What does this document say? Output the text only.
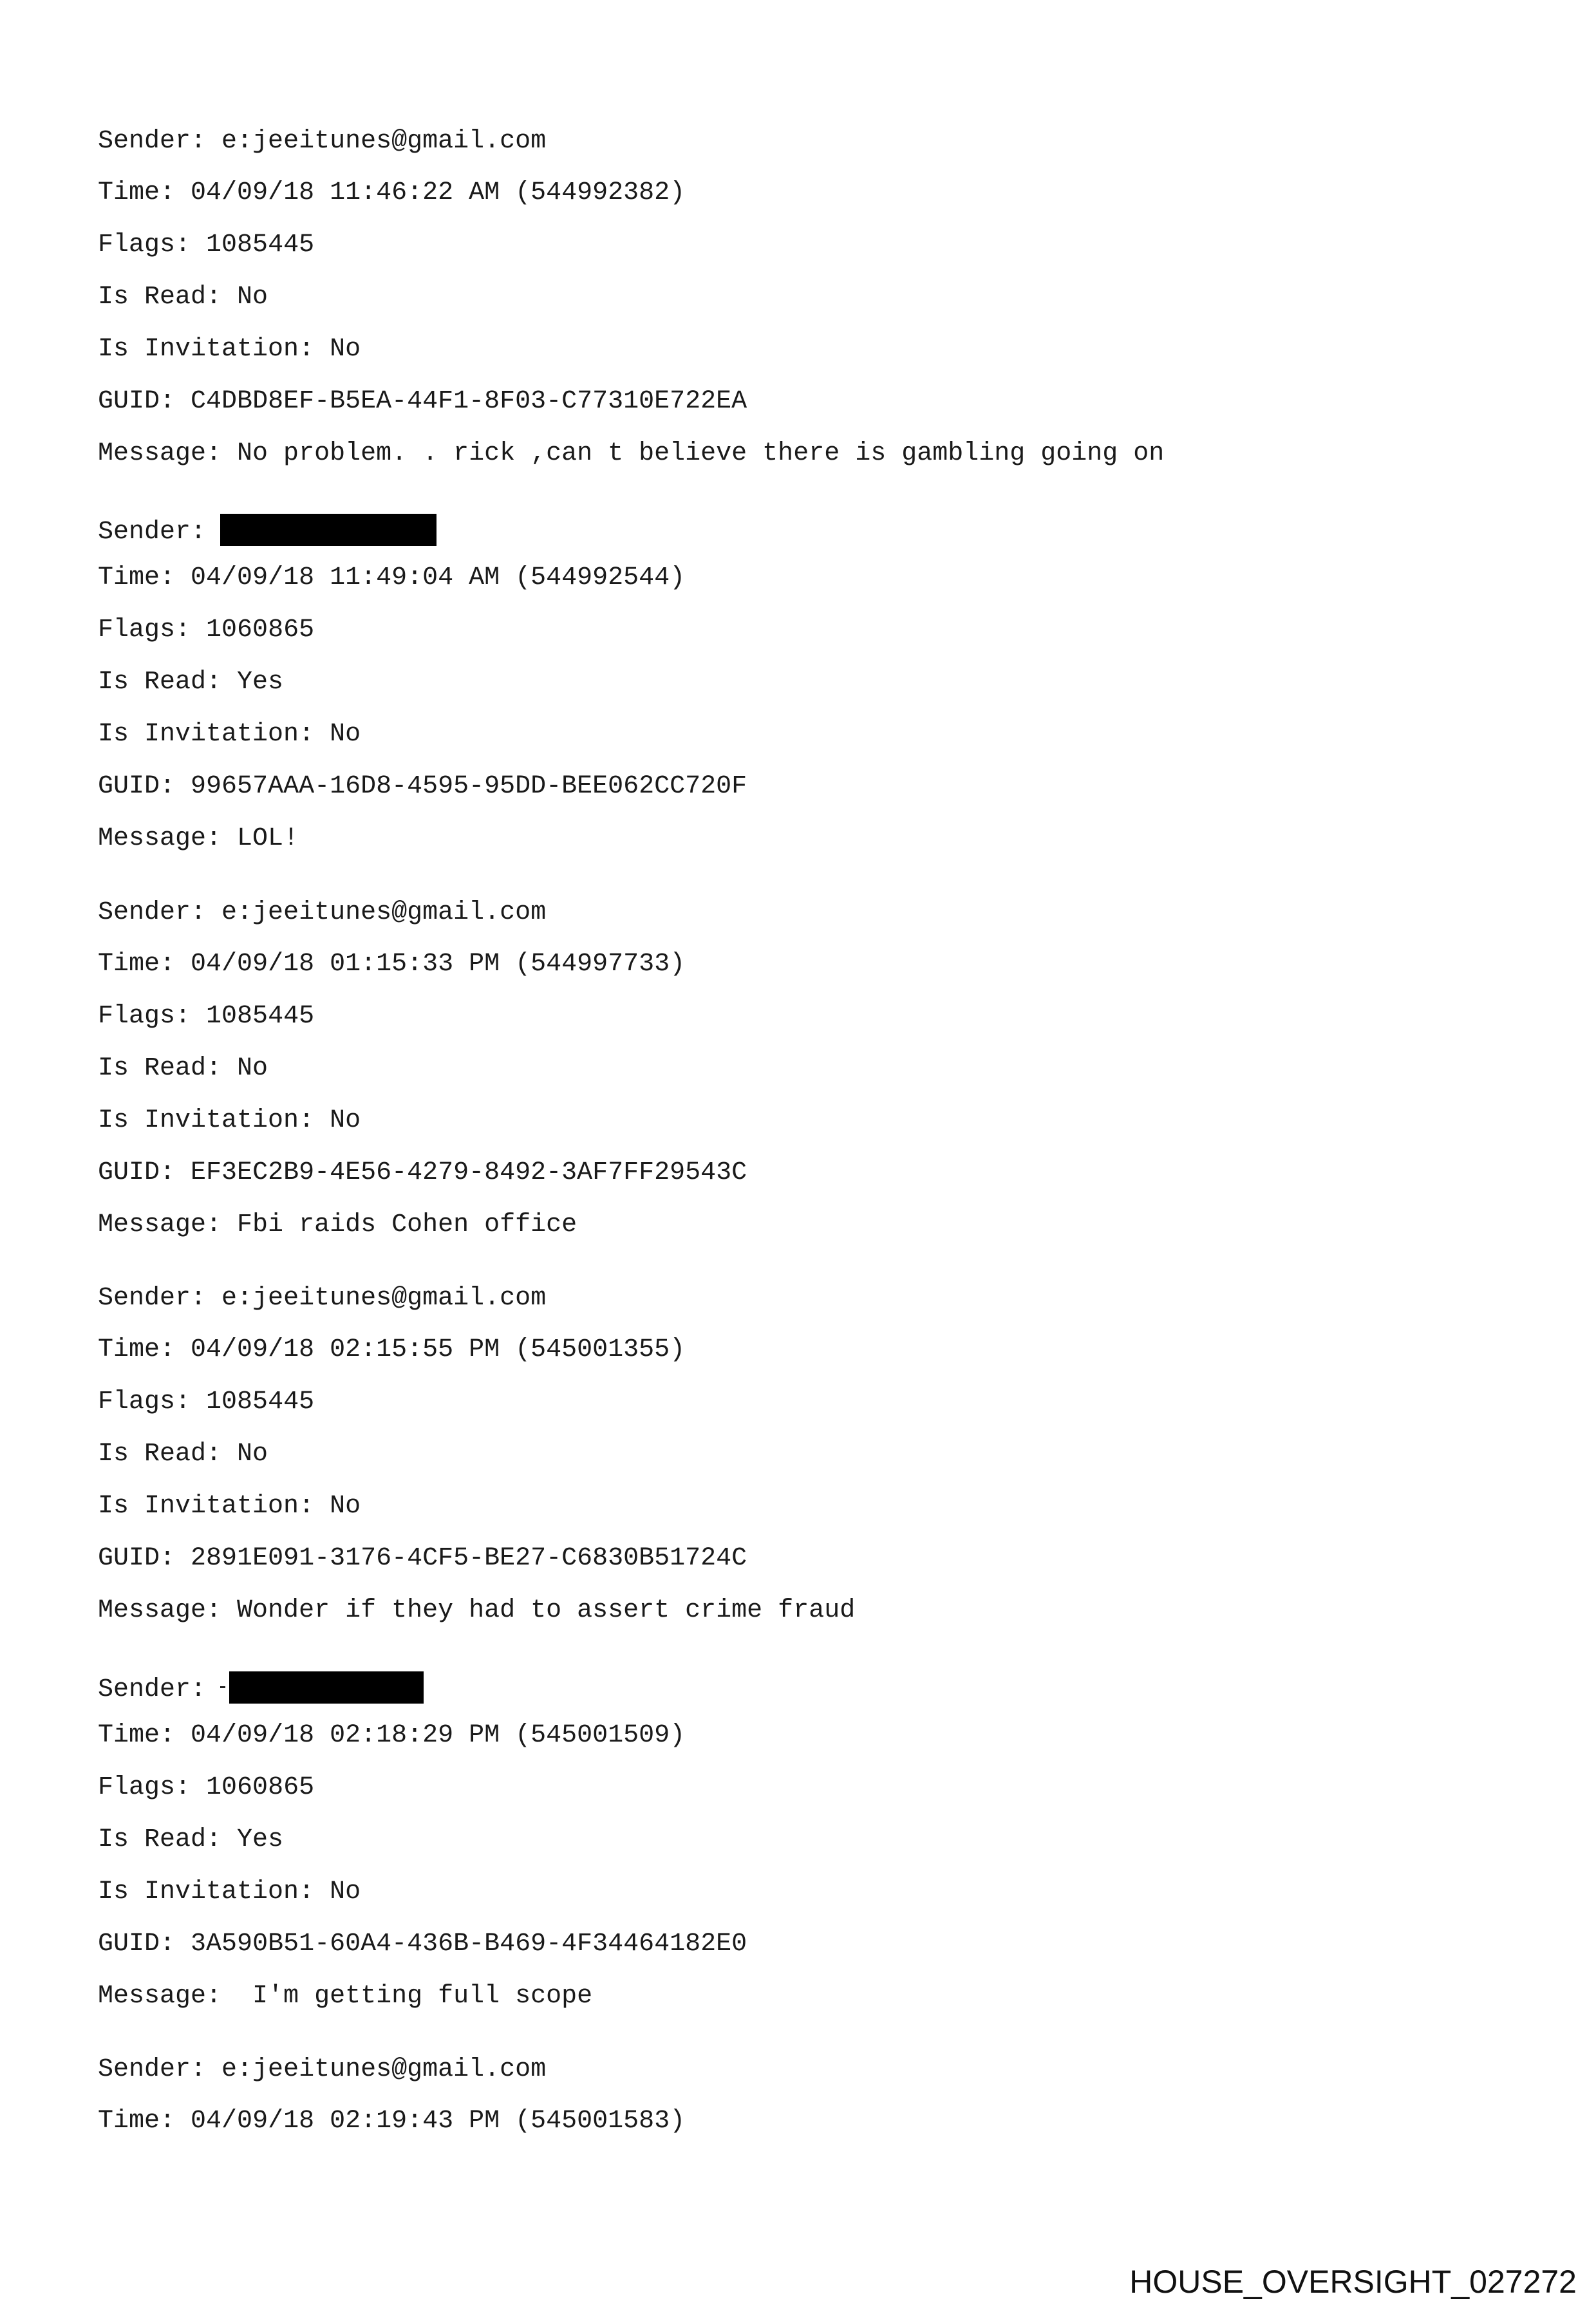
Sender: e:jeeitunes@gmail.com
Time: 04/09/18 11:46:22 AM (544992382)
Flags: 1085445
Is Read: No
Is Invitation: No
GUID: C4DBD8EF-B5EA-44F1-8F03-C77310E722EA
Message: No problem. . rick ,can t believe there is gambling going on
Sender:
Time: 04/09/18 11:49:04 AM (544992544)
Flags: 1060865
Is Read: Yes
Is Invitation: No
GUID: 99657AAA-16D8-4595-95DD-BEE062CC720F
Message: LOL!
Sender: e:jeeitunes@gmail.com
Time: 04/09/18 01:15:33 PM (544997733)
Flags: 1085445
Is Read: No
Is Invitation: No
GUID: EF3EC2B9-4E56-4279-8492-3AF7FF29543C
Message: Fbi raids Cohen office
Sender: e:jeeitunes@gmail.com
Time: 04/09/18 02:15:55 PM (545001355)
Flags: 1085445
Is Read: No
Is Invitation: No
GUID: 2891E091-3176-4CF5-BE27-C6830B51724C
Message: Wonder if they had to assert crime fraud
Sender:
Time: 04/09/18 02:18:29 PM (545001509)
Flags: 1060865
Is Read: Yes
Is Invitation: No
GUID: 3A590B51-60A4-436B-B469-4F34464182E0
Message:  I'm getting full scope
Sender: e:jeeitunes@gmail.com
Time: 04/09/18 02:19:43 PM (545001583)
HOUSE_OVERSIGHT_027272
